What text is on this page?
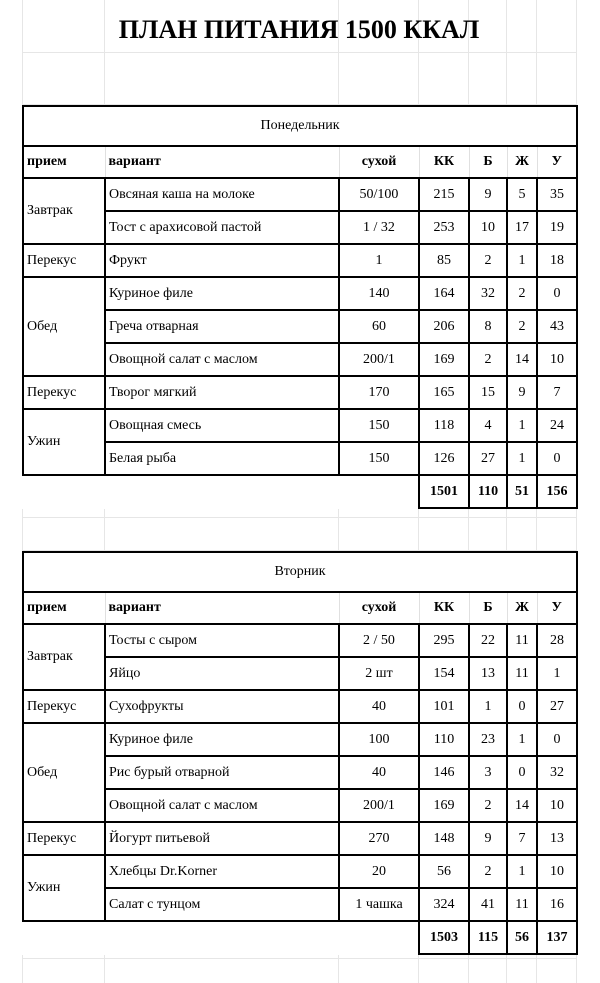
ПЛАН ПИТАНИЯ 1500 ККАЛ
Понедельник						
прием	вариант	сухой	КК	Б	Ж	У
Завтрак	Овсяная каша на молоке	50/100	215	9	5	35
	Тост с арахисовой пастой	1 / 32	253	10	17	19
Перекус	Фрукт	1	85	2	1	18
Обед	Куриное филе	140	164	32	2	0
	Греча отварная	60	206	8	2	43
	Овощной салат с маслом	200/1	169	2	14	10
Перекус	Творог мягкий	170	165	15	9	7
Ужин	Овощная смесь	150	118	4	1	24
	Белая рыба	150	126	27	1	0
			1501	110	51	156
Вторник						
прием	вариант	сухой	КК	Б	Ж	У
Завтрак	Тосты с сыром	2 / 50	295	22	11	28
	Яйцо	2 шт	154	13	11	1
Перекус	Сухофрукты	40	101	1	0	27
Обед	Куриное филе	100	110	23	1	0
	Рис бурый отварной	40	146	3	0	32
	Овощной салат с маслом	200/1	169	2	14	10
Перекус	Йогурт питьевой	270	148	9	7	13
Ужин	Хлебцы Dr.Korner	20	56	2	1	10
	Салат с тунцом	1 чашка	324	41	11	16
			1503	115	56	137
